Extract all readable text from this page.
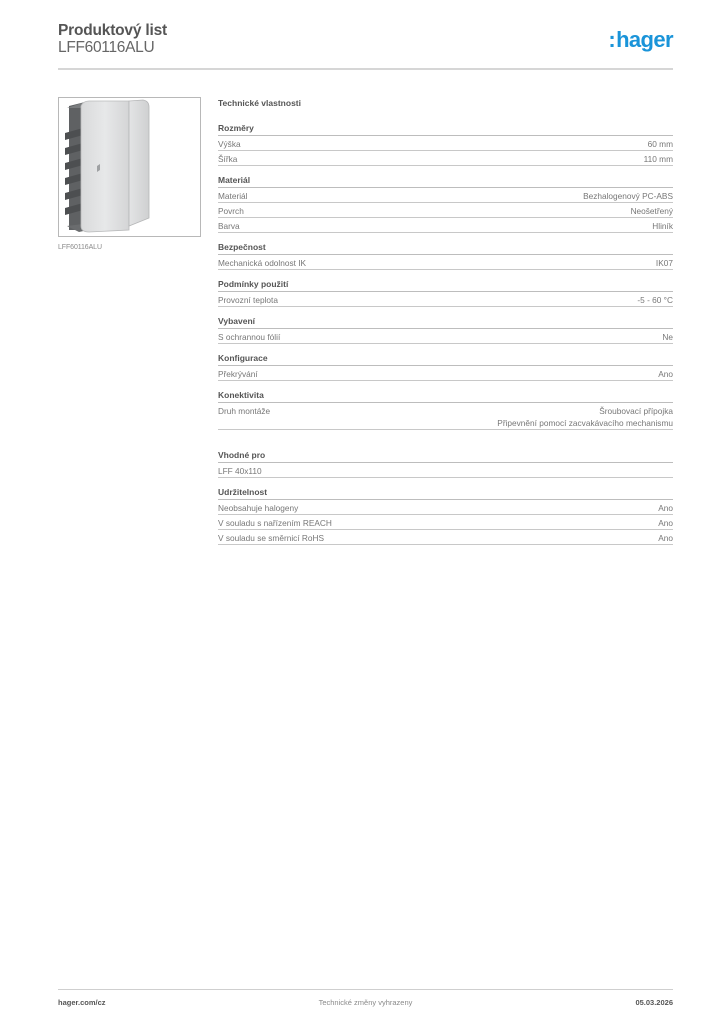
Produktový list
LFF60116ALU	:hager
LFF60116ALU
Technické vlastnosti
Rozměry
Výška	60 mm
Šířka	110 mm
Materiál
Materiál	Bezhalogenový PC-ABS
Povrch	Neošetřený
Barva	Hliník
Bezpečnost
Mechanická odolnost IK	IK07
Podmínky použití
Provozní teplota	-5 - 60 °C
Vybavení
S ochrannou fólií	Ne
Konfigurace
Překrývání	Ano
Konektivita
Druh montáže	Šroubovací přípojka
Připevnění pomocí zacvakávacího mechanismu
Vhodné pro
LFF 40x110
Udržitelnost
Neobsahuje halogeny	Ano
V souladu s nařízením REACH	Ano
V souladu se směrnicí RoHS	Ano
hager.com/cz	Technické změny vyhrazeny	05.03.2026
